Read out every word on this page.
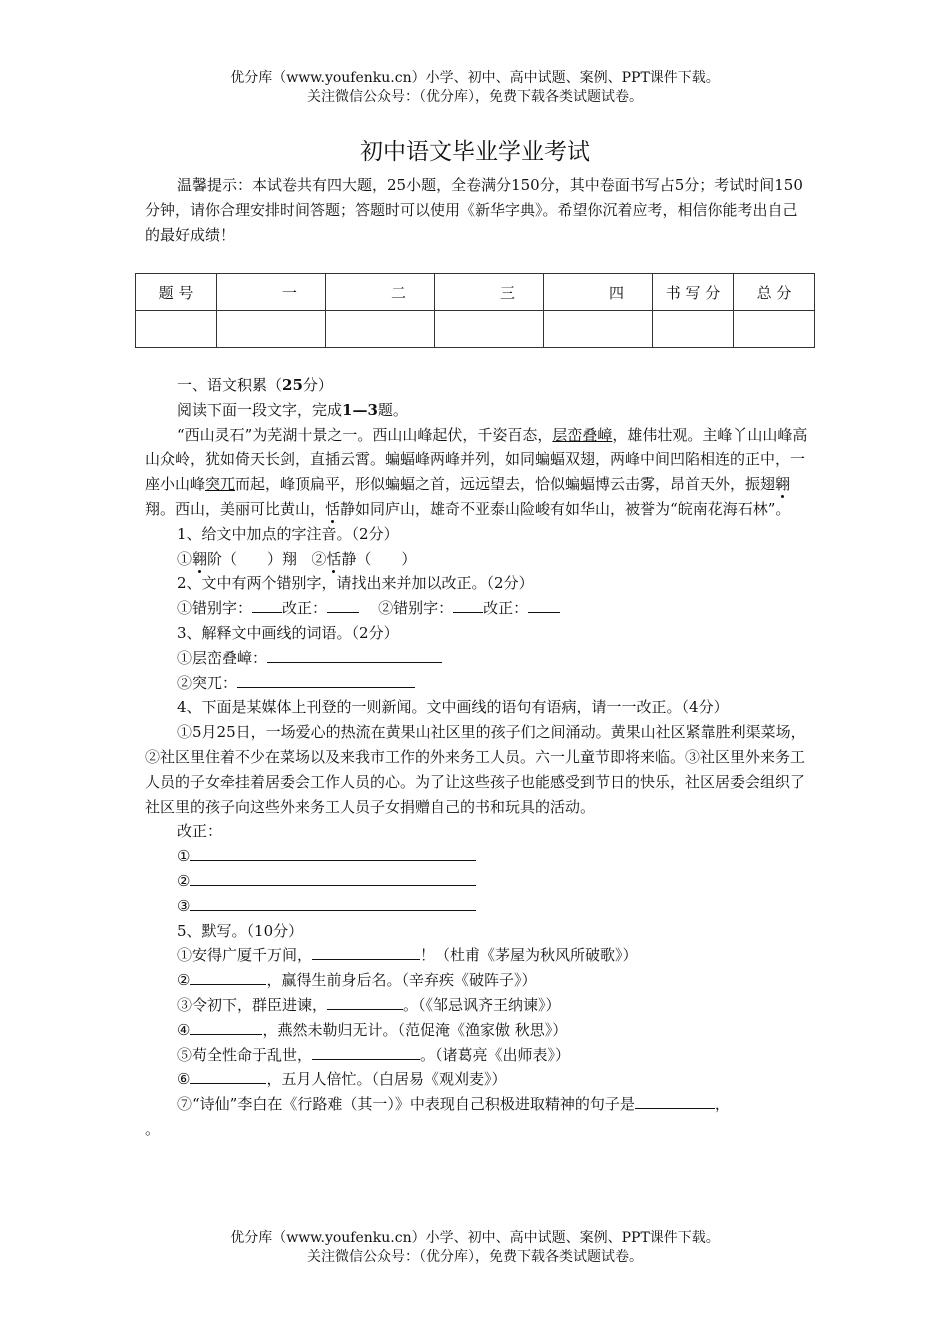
优分库（www.youfenku.cn）小学、初中、高中试题、案例、PPT课件下载。
关注微信公众号：（优分库），免费下载各类试题试卷。
初中语文毕业学业考试
温馨提示：本试卷共有四大题，25小题，全卷满分150分，其中卷面书写占5分；考试时间150分钟，请你合理安排时间答题；答题时可以使用《新华字典》。希望你沉着应考，相信你能考出自己的最好成绩！
题 号	一	二	三	四	书 写 分	总 分

一、语文积累（25分）

阅读下面一段文字，完成1—3题。

“西山灵石”为芜湖十景之一。西山山峰起伏，千姿百态，层峦叠嶂，雄伟壮观。主峰丫山山峰高山众岭，犹如倚天长剑，直插云霄。蝙蝠峰两峰并列，如同蝙蝠双翅，两峰中间凹陷相连的正中，一座小山峰突兀而起，峰顶扁平，形似蝙蝠之首，远远望去，恰似蝙蝠博云击雾，昂首天外，振翅翱翔。西山，美丽可比黄山，恬静如同庐山，雄奇不亚泰山险峻有如华山，被誉为“皖南花海石林”。

1、给文中加点的字注音。（2分）

①翱阶（　　）翔 ②恬静（　　）

2、文中有两个错别字，请找出来并加以改正。（2分）

①错别字： 改正：	②错别字： 改正：

3、解释文中画线的词语。（2分）

①层峦叠嶂：

②突兀：

4、下面是某媒体上刊登的一则新闻。文中画线的语句有语病，请一一改正。（4分）

①5月25日，一场爱心的热流在黄果山社区里的孩子们之间涌动。黄果山社区紧靠胜利渠菜场，②社区里住着不少在菜场以及来我市工作的外来务工人员。六一儿童节即将来临。③社区里外来务工人员的子女牵挂着居委会工作人员的心。为了让这些孩子也能感受到节日的快乐，社区居委会组织了社区里的孩子向这些外来务工人员子女捐赠自己的书和玩具的活动。

改正：

①

②

③

5、默写。（10分）

①安得广厦千万间，	！（杜甫《茅屋为秋风所破歌》）

②	，赢得生前身后名。（辛弃疾《破阵子》）

③令初下，群臣进谏，	。（《邹忌讽齐王纳谏》）

④	，燕然未勒归无计。（范促淹《渔家傲 秋思》）

⑤苟全性命于乱世，	。（诸葛亮《出师表》）

⑥	，五月人倍忙。（白居易《观刈麦》）

⑦“诗仙”李白在《行路难（其一）》中表现自己积极进取精神的句子是	，

。

优分库（www.youfenku.cn）小学、初中、高中试题、案例、PPT课件下载。
关注微信公众号：（优分库），免费下载各类试题试卷。
